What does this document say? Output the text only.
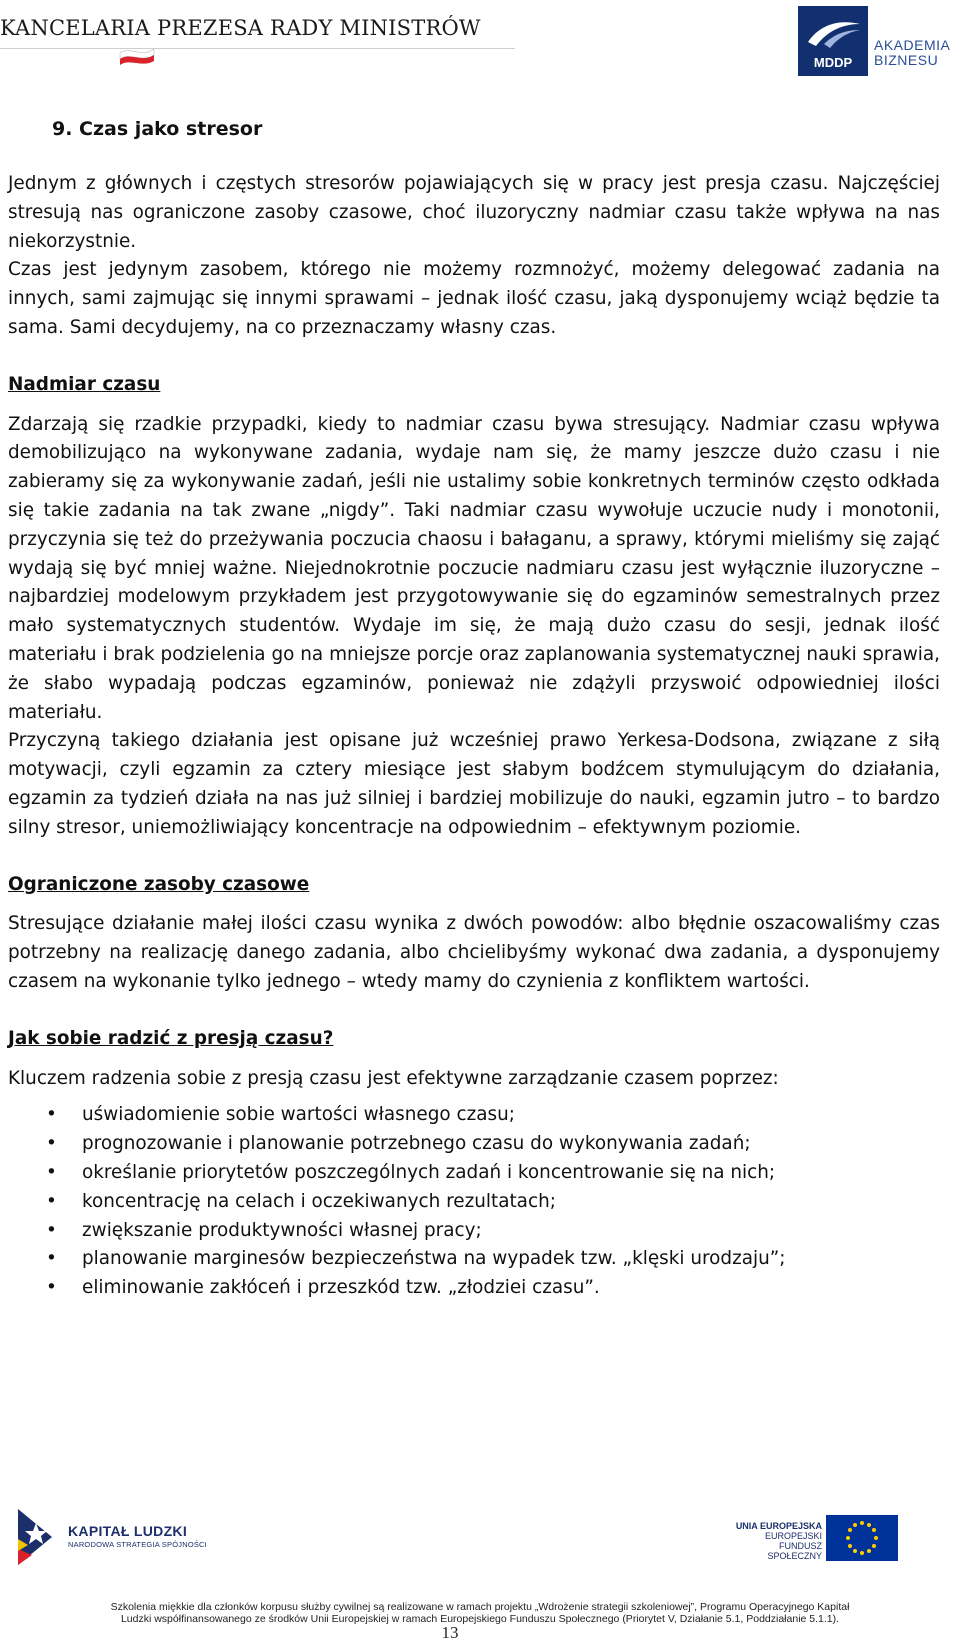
KANCELARIA PREZESA RADY MINISTRÓW
MDDP
AKADEMIA
BIZNESU
9. Czas jako stresor

Jednym z głównych i częstych stresorów pojawiających się w pracy jest presja czasu. Najczęściej stresują nas ograniczone zasoby czasowe, choć iluzoryczny nadmiar czasu także wpływa na nas niekorzystnie.

Czas jest jedynym zasobem, którego nie możemy rozmnożyć, możemy delegować zadania na innych, sami zajmując się innymi sprawami – jednak ilość czasu, jaką dysponujemy wciąż będzie ta sama. Sami decydujemy, na co przeznaczamy własny czas.

Nadmiar czasu

Zdarzają się rzadkie przypadki, kiedy to nadmiar czasu bywa stresujący. Nadmiar czasu wpływa demobilizująco na wykonywane zadania, wydaje nam się, że mamy jeszcze dużo czasu i nie zabieramy się za wykonywanie zadań, jeśli nie ustalimy sobie konkretnych terminów często odkłada się takie zadania na tak zwane „nigdy”. Taki nadmiar czasu wywołuje uczucie nudy i monotonii, przyczynia się też do przeżywania poczucia chaosu i bałaganu, a sprawy, którymi mieliśmy się zająć wydają się być mniej ważne. Niejednokrotnie poczucie nadmiaru czasu jest wyłącznie iluzoryczne – najbardziej modelowym przykładem jest przygotowywanie się do egzaminów semestralnych przez mało systematycznych studentów. Wydaje im się, że mają dużo czasu do sesji, jednak ilość materiału i brak podzielenia go na mniejsze porcje oraz zaplanowania systematycznej nauki sprawia, że słabo wypadają podczas egzaminów, ponieważ nie zdążyli przyswoić odpowiedniej ilości materiału.

Przyczyną takiego działania jest opisane już wcześniej prawo Yerkesa-Dodsona, związane z siłą motywacji, czyli egzamin za cztery miesiące jest słabym bodźcem stymulującym do działania, egzamin za tydzień działa na nas już silniej i bardziej mobilizuje do nauki, egzamin jutro – to bardzo silny stresor, uniemożliwiający koncentracje na odpowiednim – efektywnym poziomie.

Ograniczone zasoby czasowe

Stresujące działanie małej ilości czasu wynika z dwóch powodów: albo błędnie oszacowaliśmy czas potrzebny na realizację danego zadania, albo chcielibyśmy wykonać dwa zadania, a dysponujemy czasem na wykonanie tylko jednego – wtedy mamy do czynienia z konfliktem wartości.

Jak sobie radzić z presją czasu?

Kluczem radzenia sobie z presją czasu jest efektywne zarządzanie czasem poprzez:

• uświadomienie sobie wartości własnego czasu;
• prognozowanie i planowanie potrzebnego czasu do wykonywania zadań;
• określanie priorytetów poszczególnych zadań i koncentrowanie się na nich;
• koncentrację na celach i oczekiwanych rezultatach;
• zwiększanie produktywności własnej pracy;
• planowanie marginesów bezpieczeństwa na wypadek tzw. „klęski urodzaju”;
• eliminowanie zakłóceń i przeszkód tzw. „złodziei czasu”.
KAPITAŁ LUDZKI
NARODOWA STRATEGIA SPÓJNOŚCI
UNIA EUROPEJSKA
EUROPEJSKI
FUNDUSZ SPOŁECZNY
Szkolenia miękkie dla członków korpusu służby cywilnej są realizowane w ramach projektu „Wdrożenie strategii szkoleniowej”, Programu Operacyjnego Kapitał
Ludzki współfinansowanego ze środków Unii Europejskiej w ramach Europejskiego Funduszu Społecznego (Priorytet V, Działanie 5.1, Poddziałanie 5.1.1).
13
